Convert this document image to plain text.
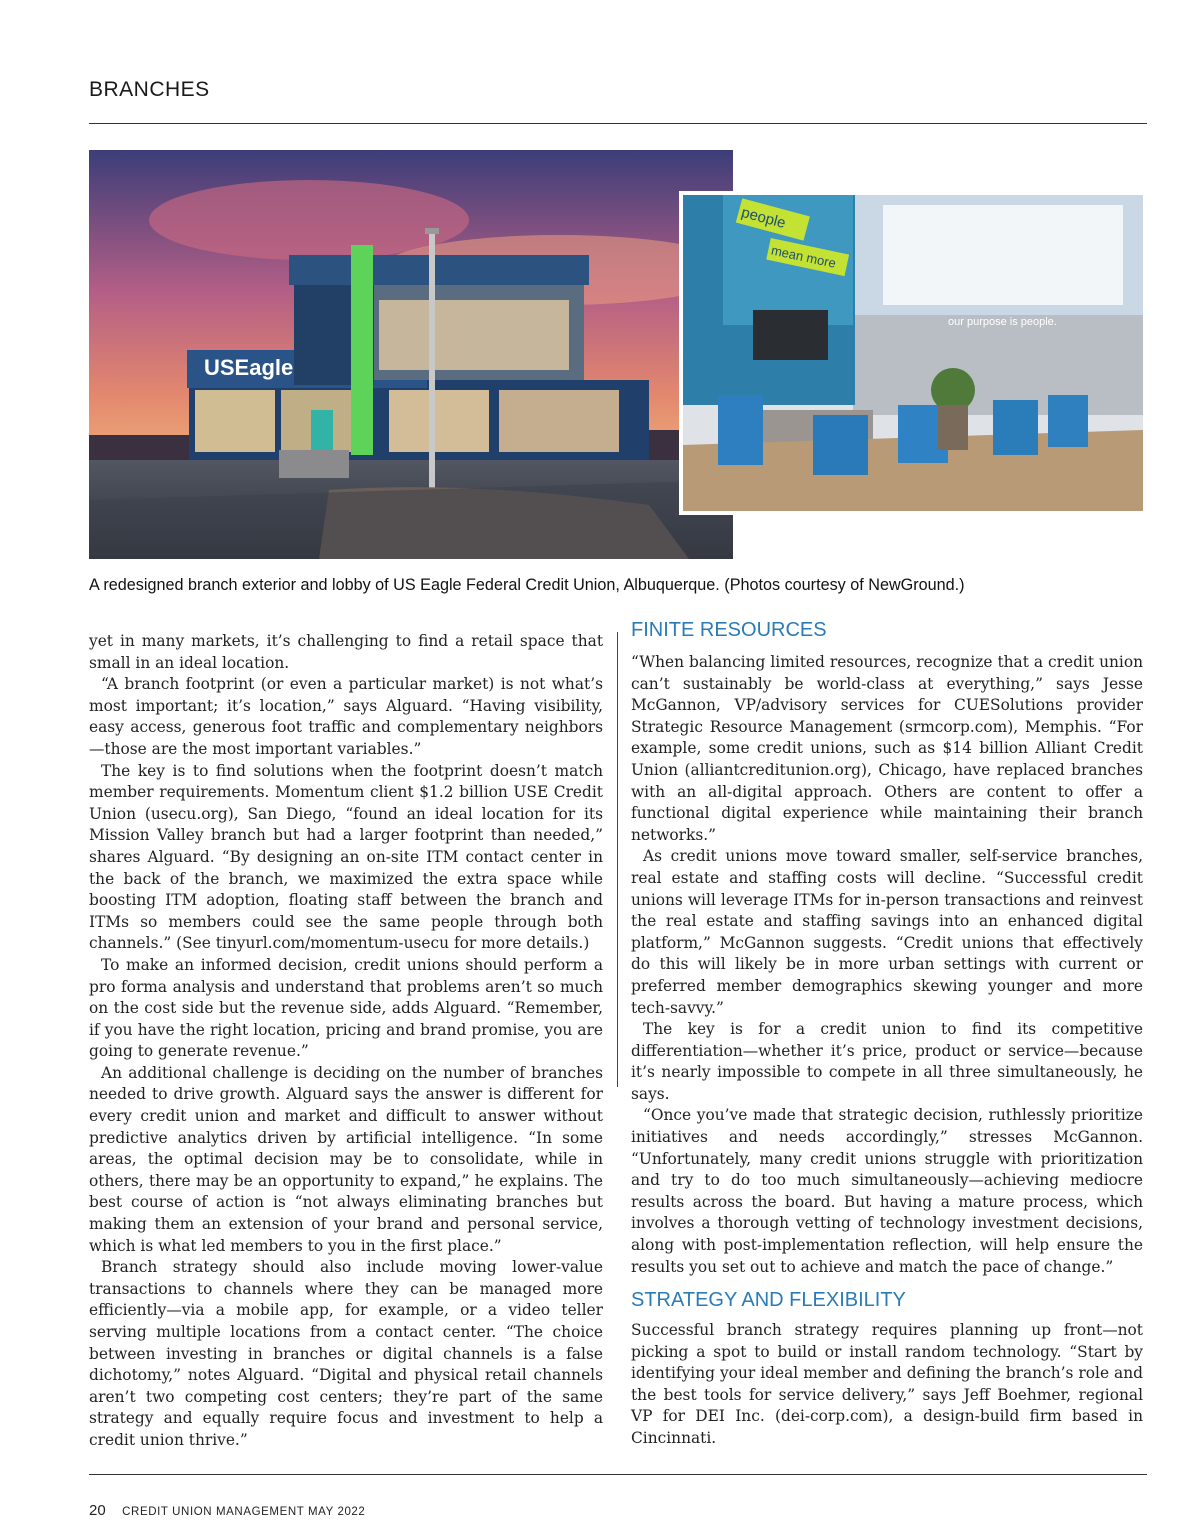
BRANCHES
USEagle
people
mean more
our purpose is people.
A redesigned branch exterior and lobby of US Eagle Federal Credit Union, Albuquerque. (Photos courtesy of NewGround.)

yet in many markets, it’s challenging to find a retail space that small in an ideal location.

“A branch footprint (or even a particular market) is not what’s most important; it’s location,” says Alguard. “Having visibility, easy access, generous foot traffic and complementary neighbors—those are the most important variables.”

The key is to find solutions when the footprint doesn’t match member requirements. Momentum client $1.2 billion USE Credit Union (usecu.org), San Diego, “found an ideal location for its Mission Valley branch but had a larger footprint than needed,” shares Alguard. “By designing an on-site ITM contact center in the back of the branch, we maximized the extra space while boosting ITM adoption, floating staff between the branch and ITMs so members could see the same people through both channels.” (See tinyurl.com/momentum-usecu for more details.)

To make an informed decision, credit unions should perform a pro forma analysis and understand that problems aren’t so much on the cost side but the revenue side, adds Alguard. “Remember, if you have the right location, pricing and brand promise, you are going to generate revenue.”

An additional challenge is deciding on the number of branches needed to drive growth. Alguard says the answer is different for every credit union and market and difficult to answer without predictive analytics driven by artificial intelligence. “In some areas, the optimal decision may be to consolidate, while in others, there may be an opportunity to expand,” he explains. The best course of action is “not always eliminating branches but making them an extension of your brand and personal service, which is what led members to you in the first place.”

Branch strategy should also include moving lower-value transactions to channels where they can be managed more efficiently—via a mobile app, for example, or a video teller serving multiple locations from a contact center. “The choice between investing in branches or digital channels is a false dichotomy,” notes Alguard. “Digital and physical retail channels aren’t two competing cost centers; they’re part of the same strategy and equally require focus and investment to help a credit union thrive.”

FINITE RESOURCES

“When balancing limited resources, recognize that a credit union can’t sustainably be world-class at everything,” says Jesse McGannon, VP/advisory services for CUESolutions provider Strategic Resource Management (srmcorp.com), Memphis. “For example, some credit unions, such as $14 billion Alliant Credit Union (alliantcreditunion.org), Chicago, have replaced branches with an all-digital approach. Others are content to offer a functional digital experience while maintaining their branch networks.”

As credit unions move toward smaller, self-service branches, real estate and staffing costs will decline. “Successful credit unions will leverage ITMs for in-person transactions and reinvest the real estate and staffing savings into an enhanced digital platform,” McGannon suggests. “Credit unions that effectively do this will likely be in more urban settings with current or preferred member demographics skewing younger and more tech-savvy.”

The key is for a credit union to find its competitive differentiation—whether it’s price, product or service—because it’s nearly impossible to compete in all three simultaneously, he says.

“Once you’ve made that strategic decision, ruthlessly prioritize initiatives and needs accordingly,” stresses McGannon. “Unfortunately, many credit unions struggle with prioritization and try to do too much simultaneously—achieving mediocre results across the board. But having a mature process, which involves a thorough vetting of technology investment decisions, along with post-implementation reflection, will help ensure the results you set out to achieve and match the pace of change.”

STRATEGY AND FLEXIBILITY

Successful branch strategy requires planning up front—not picking a spot to build or install random technology. “Start by identifying your ideal member and defining the branch’s role and the best tools for service delivery,” says Jeff Boehmer, regional VP for DEI Inc. (dei-corp.com), a design-build firm based in Cincinnati.

20 CREDIT UNION MANAGEMENT MAY 2022
